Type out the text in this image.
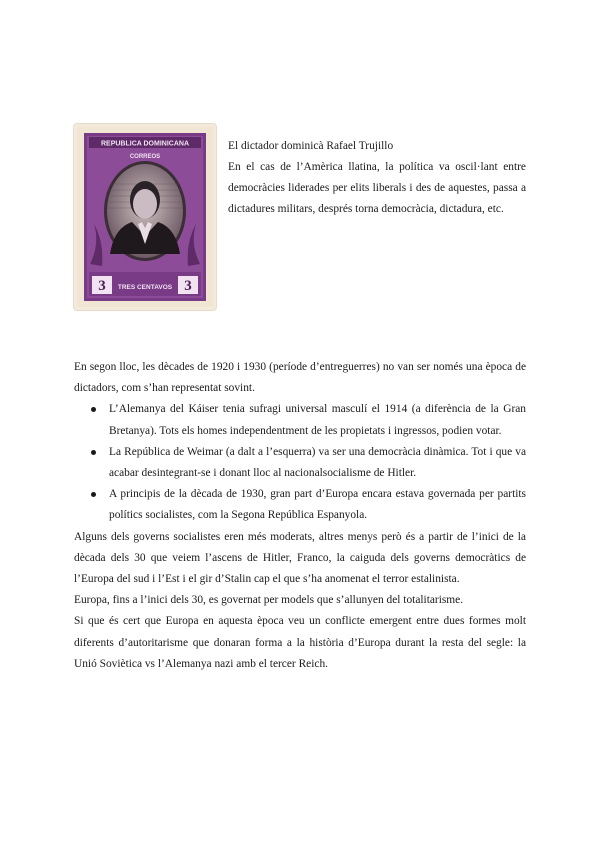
REPUBLICA DOMINICANA
CORREOS
3	3
TRES CENTAVOS
El dictador dominicà Rafael Trujillo
En el cas de l’Amèrica llatina, la política va oscil·lant entre democràcies liderades per elits liberals i des de aquestes, passa a dictadures militars, després torna democràcia, dictadura, etc.

En segon lloc, les dècades de 1920 i 1930 (període d’entreguerres) no van ser només una època de dictadors, com s’han representat sovint.

L’Alemanya del Káiser tenia sufragi universal masculí el 1914 (a diferència de la Gran Bretanya). Tots els homes independentment de les propietats i ingressos, podien votar.
La República de Weimar (a dalt a l’esquerra) va ser una democràcia dinàmica. Tot i que va acabar desintegrant-se i donant lloc al nacionalsocialisme de Hitler.
A principis de la dècada de 1930, gran part d’Europa encara estava governada per partits polítics socialistes, com la Segona República Espanyola.

Alguns dels governs socialistes eren més moderats, altres menys però és a partir de l’inici de la dècada dels 30 que veiem l’ascens de Hitler, Franco, la caiguda dels governs democràtics de l’Europa del sud i l’Est i el gir d’Stalin cap el que s’ha anomenat el terror estalinista.

Europa, fins a l’inici dels 30, es governat per models que s’allunyen del totalitarisme.

Si que és cert que Europa en aquesta època veu un conflicte emergent entre dues formes molt diferents d’autoritarisme que donaran forma a la història d’Europa durant la resta del segle: la Unió Soviètica vs l’Alemanya nazi amb el tercer Reich.
